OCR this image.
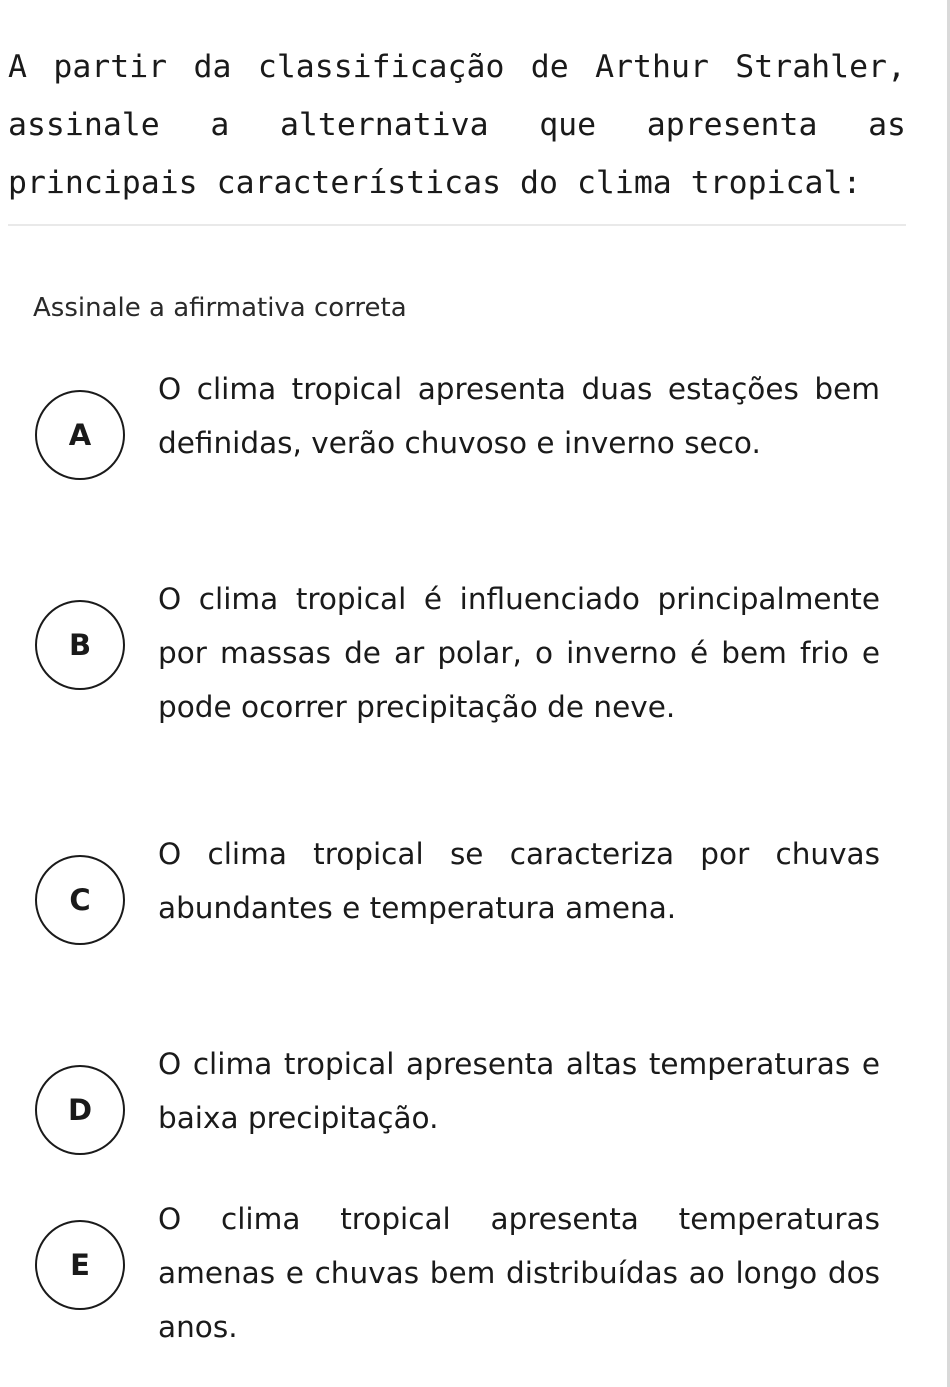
A partir da classificação de Arthur Strahler, assinale a alternativa que apresenta as principais características do clima tropical:

Assinale a afirmativa correta

A

O clima tropical apresenta duas estações bem definidas, verão chuvoso e inverno seco.

B

O clima tropical é influenciado principalmente por massas de ar polar, o inverno é bem frio e pode ocorrer precipitação de neve.

C

O clima tropical se caracteriza por chuvas abundantes e temperatura amena.

D

O clima tropical apresenta altas temperaturas e baixa precipitação.

E

O clima tropical apresenta temperaturas amenas e chuvas bem distribuídas ao longo dos anos.
